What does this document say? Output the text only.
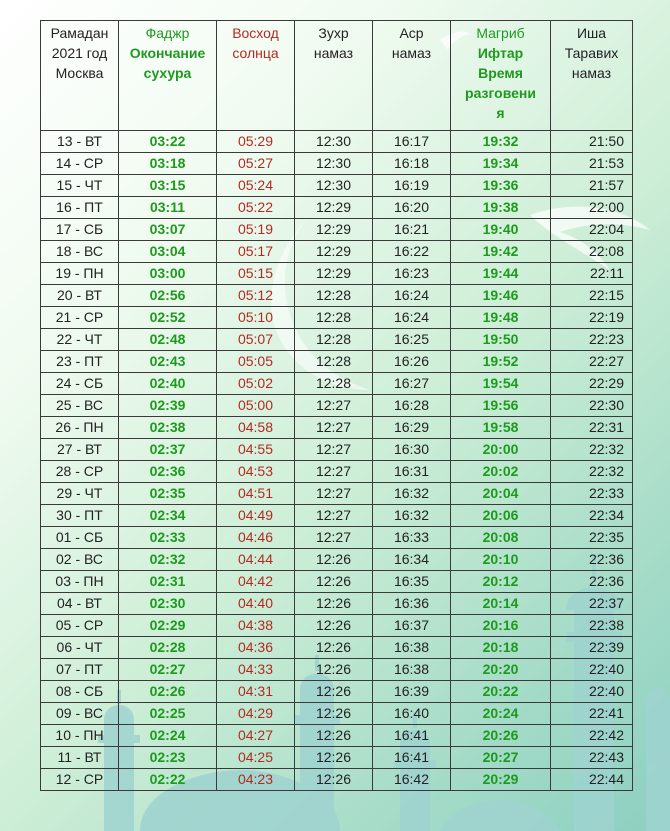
Рамадан
2021 год
Москва	Фаджр
Окончание
сухура	Восход
солнца	Зухр
намаз	Аср
намаз	Магриб
Ифтар
Время
разговени
я	Иша
Таравих
намаз

13 - ВТ	03:22	05:29	12:30	16:17	19:32	21:50
14 - СР	03:18	05:27	12:30	16:18	19:34	21:53
15 - ЧТ	03:15	05:24	12:30	16:19	19:36	21:57
16 - ПТ	03:11	05:22	12:29	16:20	19:38	22:00
17 - СБ	03:07	05:19	12:29	16:21	19:40	22:04
18 - ВС	03:04	05:17	12:29	16:22	19:42	22:08
19 - ПН	03:00	05:15	12:29	16:23	19:44	22:11
20 - ВТ	02:56	05:12	12:28	16:24	19:46	22:15
21 - СР	02:52	05:10	12:28	16:24	19:48	22:19
22 - ЧТ	02:48	05:07	12:28	16:25	19:50	22:23
23 - ПТ	02:43	05:05	12:28	16:26	19:52	22:27
24 - СБ	02:40	05:02	12:28	16:27	19:54	22:29
25 - ВС	02:39	05:00	12:27	16:28	19:56	22:30
26 - ПН	02:38	04:58	12:27	16:29	19:58	22:31
27 - ВТ	02:37	04:55	12:27	16:30	20:00	22:32
28 - СР	02:36	04:53	12:27	16:31	20:02	22:32
29 - ЧТ	02:35	04:51	12:27	16:32	20:04	22:33
30 - ПТ	02:34	04:49	12:27	16:32	20:06	22:34
01 - СБ	02:33	04:46	12:27	16:33	20:08	22:35
02 - ВС	02:32	04:44	12:26	16:34	20:10	22:36
03 - ПН	02:31	04:42	12:26	16:35	20:12	22:36
04 - ВТ	02:30	04:40	12:26	16:36	20:14	22:37
05 - СР	02:29	04:38	12:26	16:37	20:16	22:38
06 - ЧТ	02:28	04:36	12:26	16:38	20:18	22:39
07 - ПТ	02:27	04:33	12:26	16:38	20:20	22:40
08 - СБ	02:26	04:31	12:26	16:39	20:22	22:40
09 - ВС	02:25	04:29	12:26	16:40	20:24	22:41
10 - ПН	02:24	04:27	12:26	16:41	20:26	22:42
11 - ВТ	02:23	04:25	12:26	16:41	20:27	22:43
12 - СР	02:22	04:23	12:26	16:42	20:29	22:44
